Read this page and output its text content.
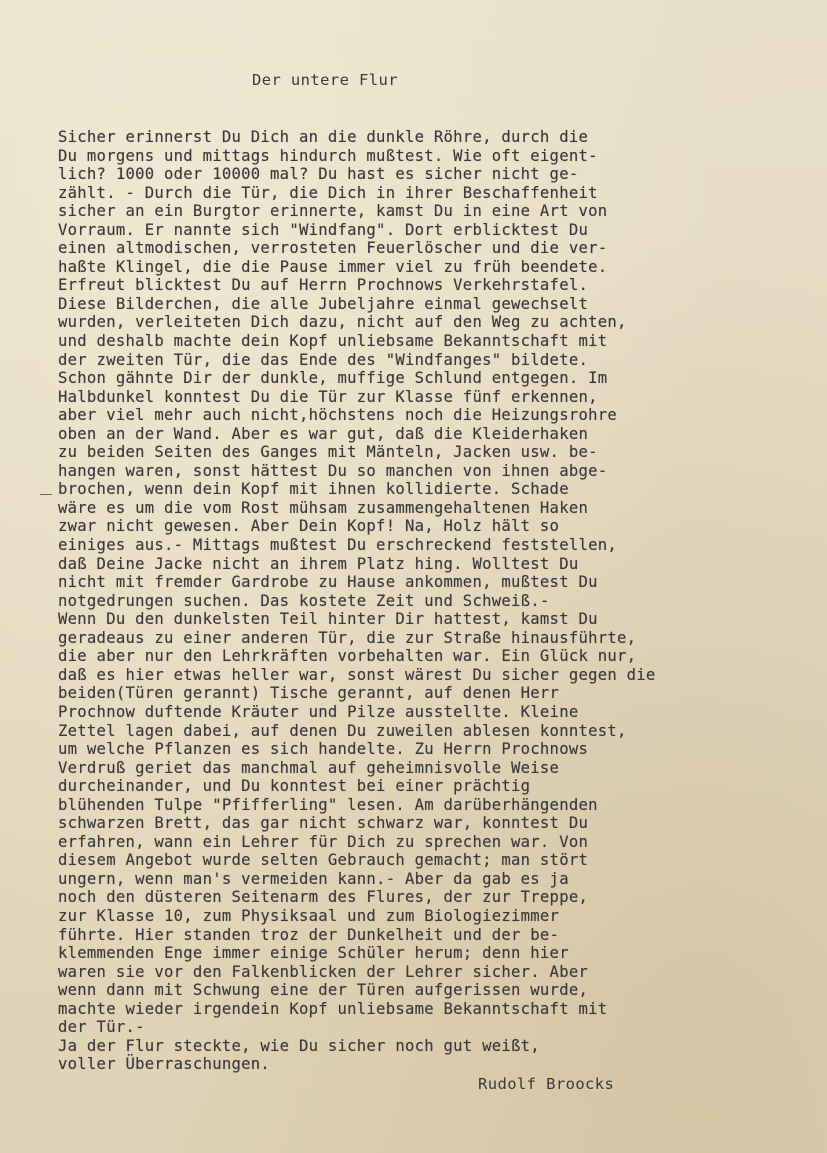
Der untere Flur
Sicher erinnerst Du Dich an die dunkle Röhre, durch die
Du morgens und mittags hindurch mußtest. Wie oft eigent-
lich? 1000 oder 10000 mal? Du hast es sicher nicht ge-
zählt. - Durch die Tür, die Dich in ihrer Beschaffenheit
sicher an ein Burgtor erinnerte, kamst Du in eine Art von
Vorraum. Er nannte sich "Windfang". Dort erblicktest Du
einen altmodischen, verrosteten Feuerlöscher und die ver-
haßte Klingel, die die Pause immer viel zu früh beendete.
Erfreut blicktest Du auf Herrn Prochnows Verkehrstafel.
Diese Bilderchen, die alle Jubeljahre einmal gewechselt
wurden, verleiteten Dich dazu, nicht auf den Weg zu achten,
und deshalb machte dein Kopf unliebsame Bekanntschaft mit
der zweiten Tür, die das Ende des "Windfanges" bildete.
Schon gähnte Dir der dunkle, muffige Schlund entgegen. Im
Halbdunkel konntest Du die Tür zur Klasse fünf erkennen,
aber viel mehr auch nicht,höchstens noch die Heizungsrohre
oben an der Wand. Aber es war gut, daß die Kleiderhaken
zu beiden Seiten des Ganges mit Mänteln, Jacken usw. be-
hangen waren, sonst hättest Du so manchen von ihnen abge-
brochen, wenn dein Kopf mit ihnen kollidierte. Schade
wäre es um die vom Rost mühsam zusammengehaltenen Haken
zwar nicht gewesen. Aber Dein Kopf! Na, Holz hält so
einiges aus.- Mittags mußtest Du erschreckend feststellen,
daß Deine Jacke nicht an ihrem Platz hing. Wolltest Du
nicht mit fremder Gardrobe zu Hause ankommen, mußtest Du
notgedrungen suchen. Das kostete Zeit und Schweiß.-
Wenn Du den dunkelsten Teil hinter Dir hattest, kamst Du
geradeaus zu einer anderen Tür, die zur Straße hinausführte,
die aber nur den Lehrkräften vorbehalten war. Ein Glück nur,
daß es hier etwas heller war, sonst wärest Du sicher gegen die
beiden(Türen gerannt) Tische gerannt, auf denen Herr
Prochnow duftende Kräuter und Pilze ausstellte. Kleine
Zettel lagen dabei, auf denen Du zuweilen ablesen konntest,
um welche Pflanzen es sich handelte. Zu Herrn Prochnows
Verdruß geriet das manchmal auf geheimnisvolle Weise
durcheinander, und Du konntest bei einer prächtig
blühenden Tulpe "Pfifferling" lesen. Am darüberhängenden
schwarzen Brett, das gar nicht schwarz war, konntest Du
erfahren, wann ein Lehrer für Dich zu sprechen war. Von
diesem Angebot wurde selten Gebrauch gemacht; man stört
ungern, wenn man's vermeiden kann.- Aber da gab es ja
noch den düsteren Seitenarm des Flures, der zur Treppe,
zur Klasse 10, zum Physiksaal und zum Biologiezimmer
führte. Hier standen troz der Dunkelheit und der be-
klemmenden Enge immer einige Schüler herum; denn hier
waren sie vor den Falkenblicken der Lehrer sicher. Aber
wenn dann mit Schwung eine der Türen aufgerissen wurde,
machte wieder irgendein Kopf unliebsame Bekanntschaft mit
der Tür.-
Ja der Flur steckte, wie Du sicher noch gut weißt,
voller Überraschungen.
Rudolf Broocks
